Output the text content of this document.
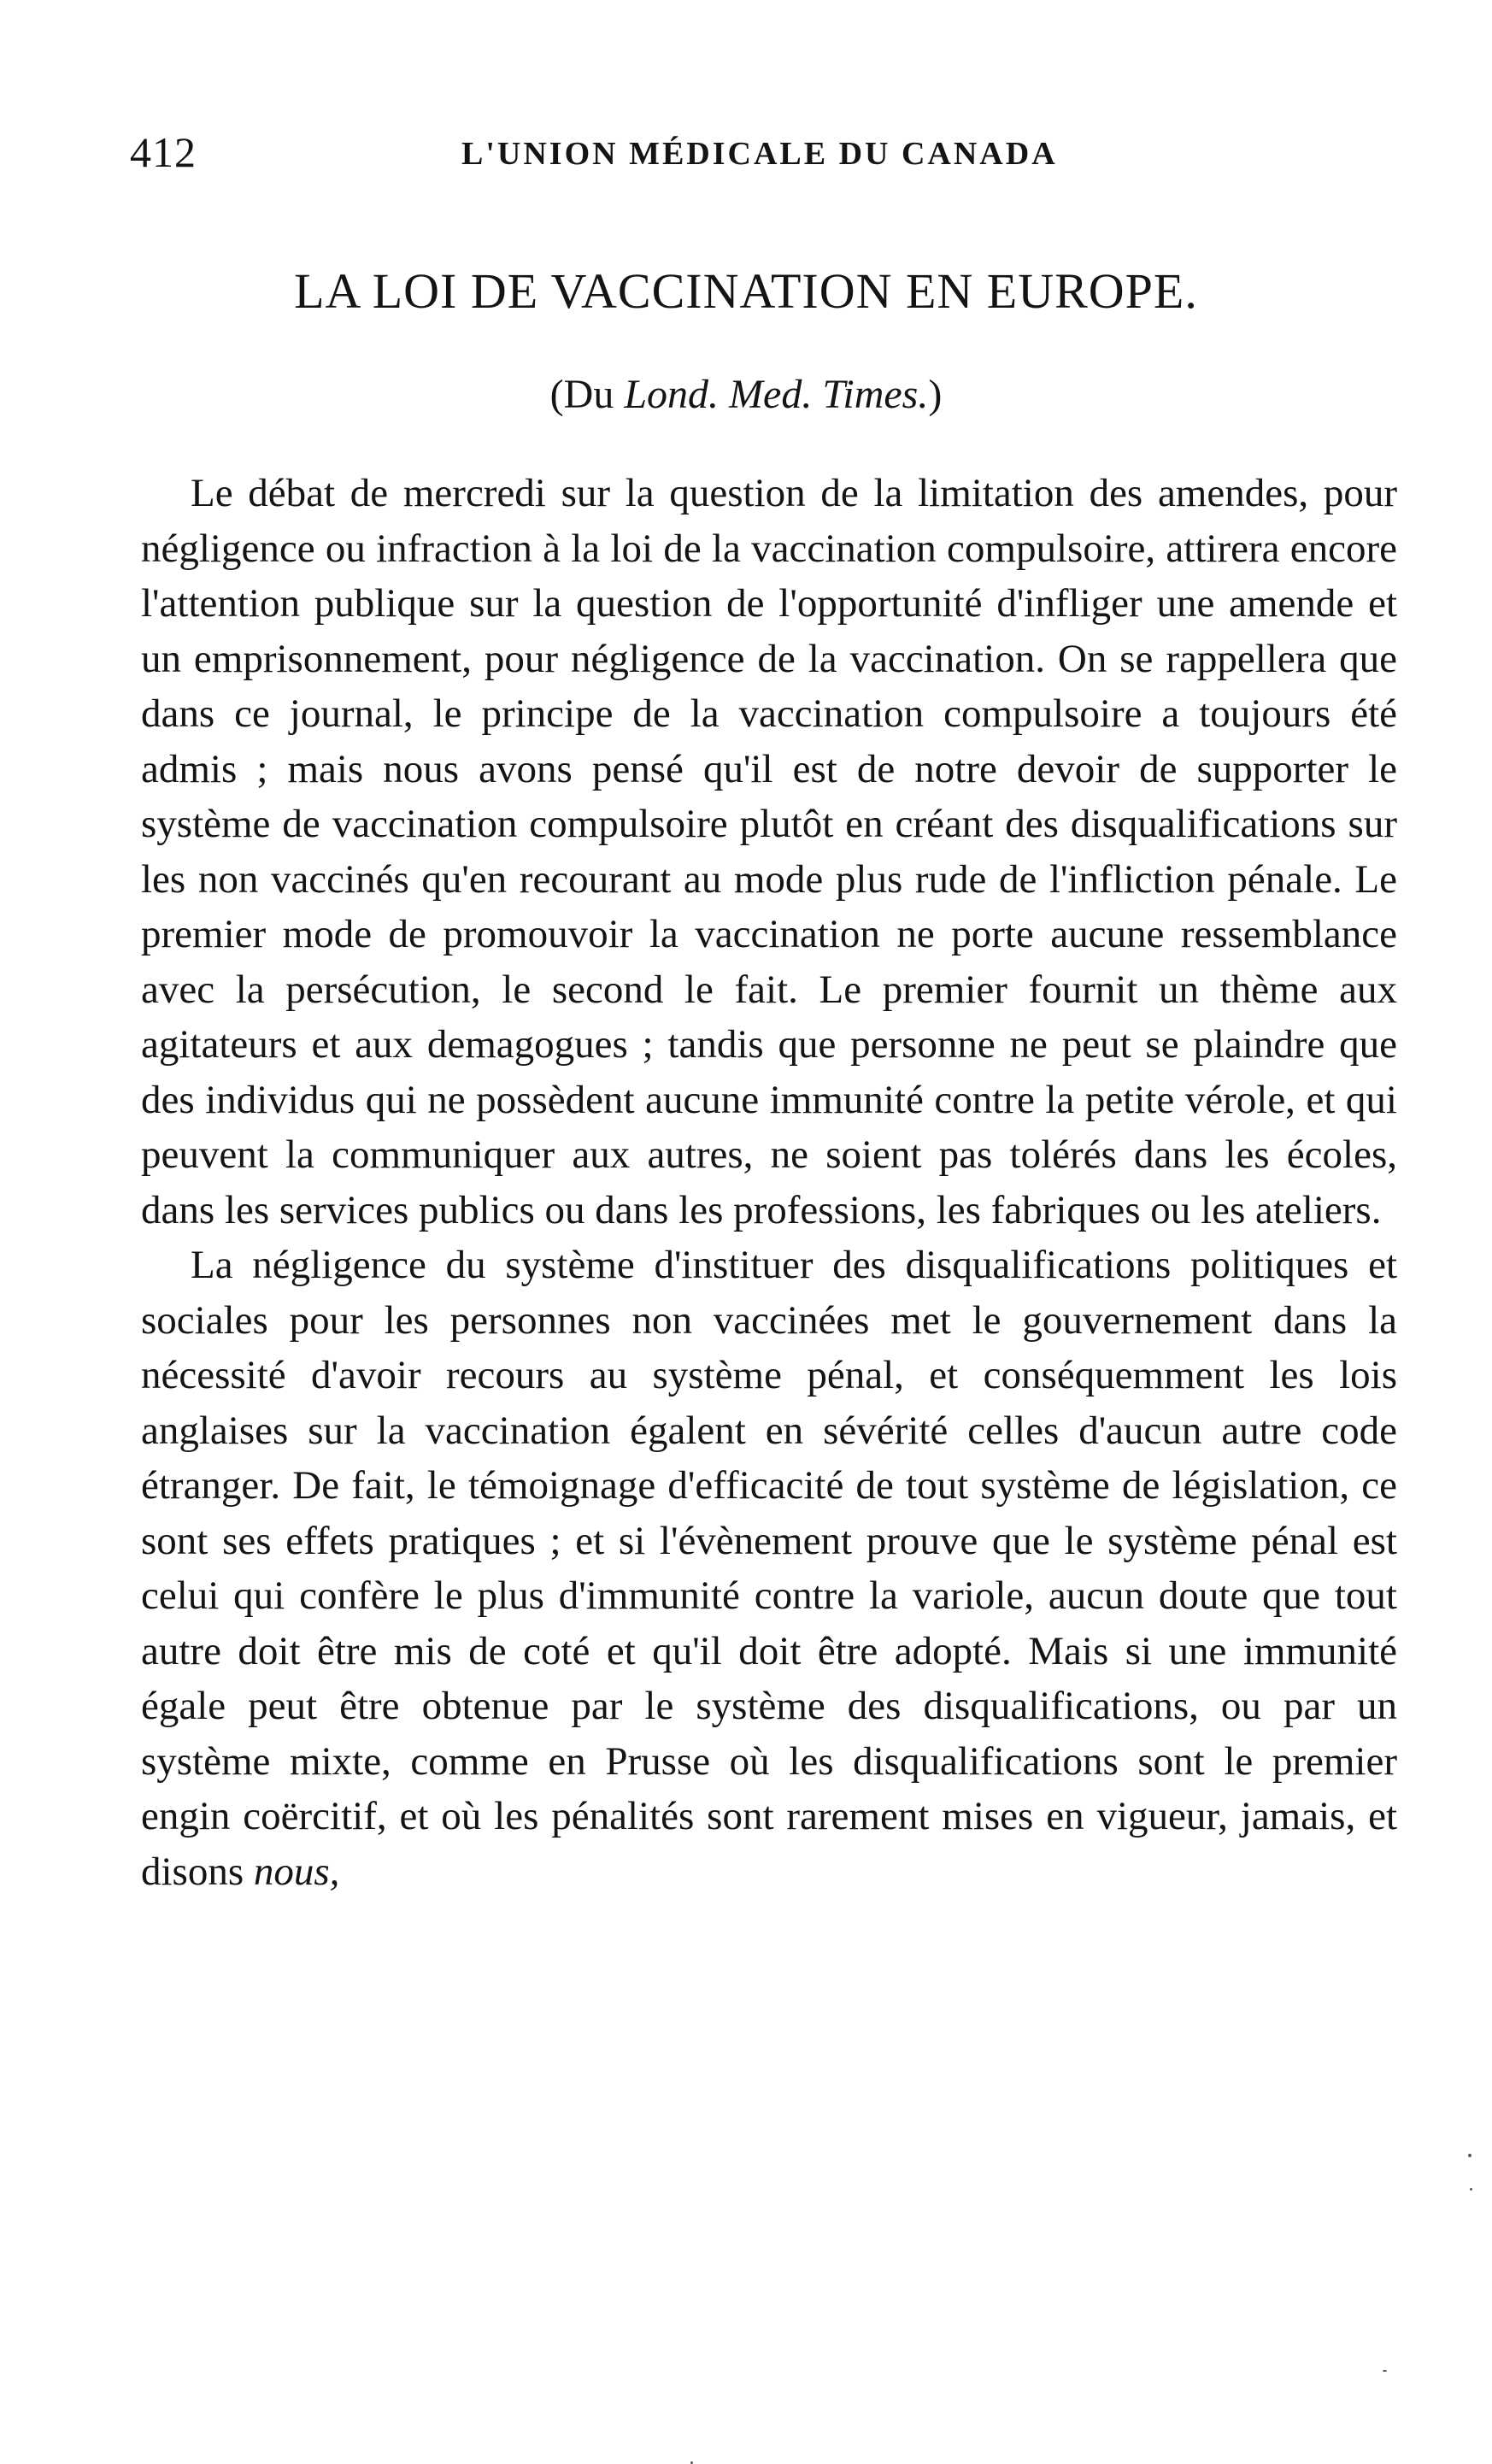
412	L'UNION MÉDICALE DU CANADA
LA LOI DE VACCINATION EN EUROPE.
(Du Lond. Med. Times.)

Le débat de mercredi sur la question de la limitation des amendes, pour négligence ou infraction à la loi de la vaccination compulsoire, attirera encore l'attention publique sur la question de l'opportunité d'infliger une amende et un emprisonnement, pour négligence de la vaccination. On se rappellera que dans ce journal, le principe de la vaccination compulsoire a toujours été admis ; mais nous avons pensé qu'il est de notre devoir de supporter le système de vaccination compulsoire plutôt en créant des disqualifications sur les non vaccinés qu'en recourant au mode plus rude de l'infliction pénale. Le premier mode de promouvoir la vaccination ne porte aucune ressemblance avec la persécution, le second le fait. Le premier fournit un thème aux agitateurs et aux demagogues ; tandis que personne ne peut se plaindre que des individus qui ne possèdent aucune immunité contre la petite vérole, et qui peuvent la communiquer aux autres, ne soient pas tolérés dans les écoles, dans les services publics ou dans les professions, les fabriques ou les ateliers.

La négligence du système d'instituer des disqualifications politiques et sociales pour les personnes non vaccinées met le gouvernement dans la nécessité d'avoir recours au système pénal, et conséquemment les lois anglaises sur la vaccination égalent en sévérité celles d'aucun autre code étranger. De fait, le témoignage d'efficacité de tout système de législation, ce sont ses effets pratiques ; et si l'évènement prouve que le système pénal est celui qui confère le plus d'immunité contre la variole, aucun doute que tout autre doit être mis de coté et qu'il doit être adopté. Mais si une immunité égale peut être obtenue par le système des disqualifications, ou par un système mixte, comme en Prusse où les disqualifications sont le premier engin coërcitif, et où les pénalités sont rarement mises en vigueur, jamais, et disons nous,
